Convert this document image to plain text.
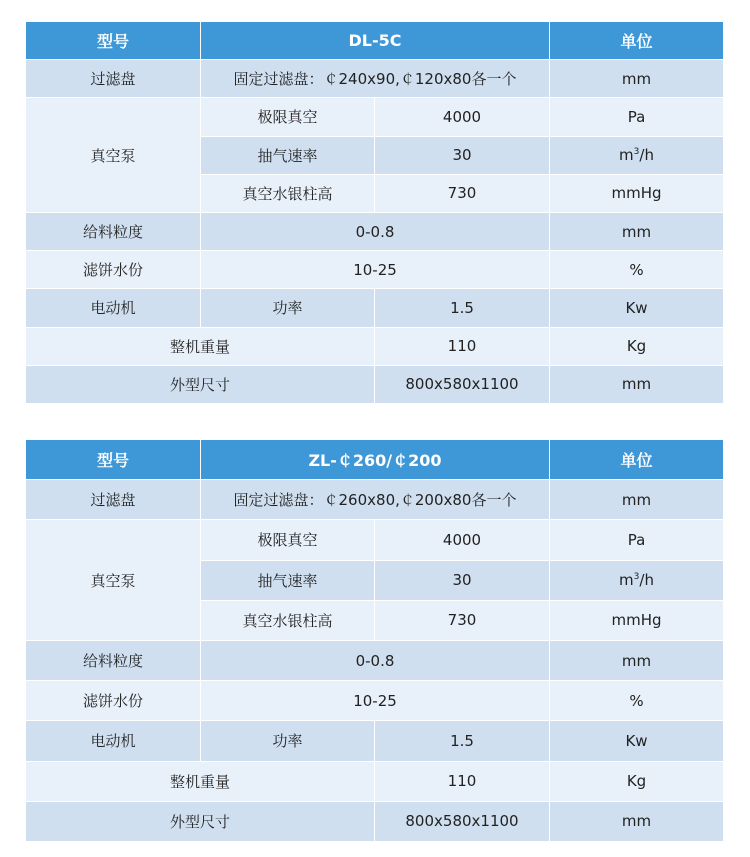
型号	DL-5C		单位
过滤盘	固定过滤盘：￠240x90,￠120x80各一个		mm
真空泵	极限真空	4000	Pa
	抽气速率	30	$m^3/h$
	真空水银柱高	730	mmHg
给料粒度	0-0.8		mm
滤饼水份	10-25		%
电动机	功率	1.5	Kw
整机重量		110	Kg
外型尺寸		800x580x1100	mm
型号	ZL-￠260/￠200		单位
过滤盘	固定过滤盘：￠260x80,￠200x80各一个		mm
真空泵	极限真空	4000	Pa
	抽气速率	30	$m^3/h$
	真空水银柱高	730	mmHg
给料粒度	0-0.8		mm
滤饼水份	10-25		%
电动机	功率	1.5	Kw
整机重量		110	Kg
外型尺寸		800x580x1100	mm
